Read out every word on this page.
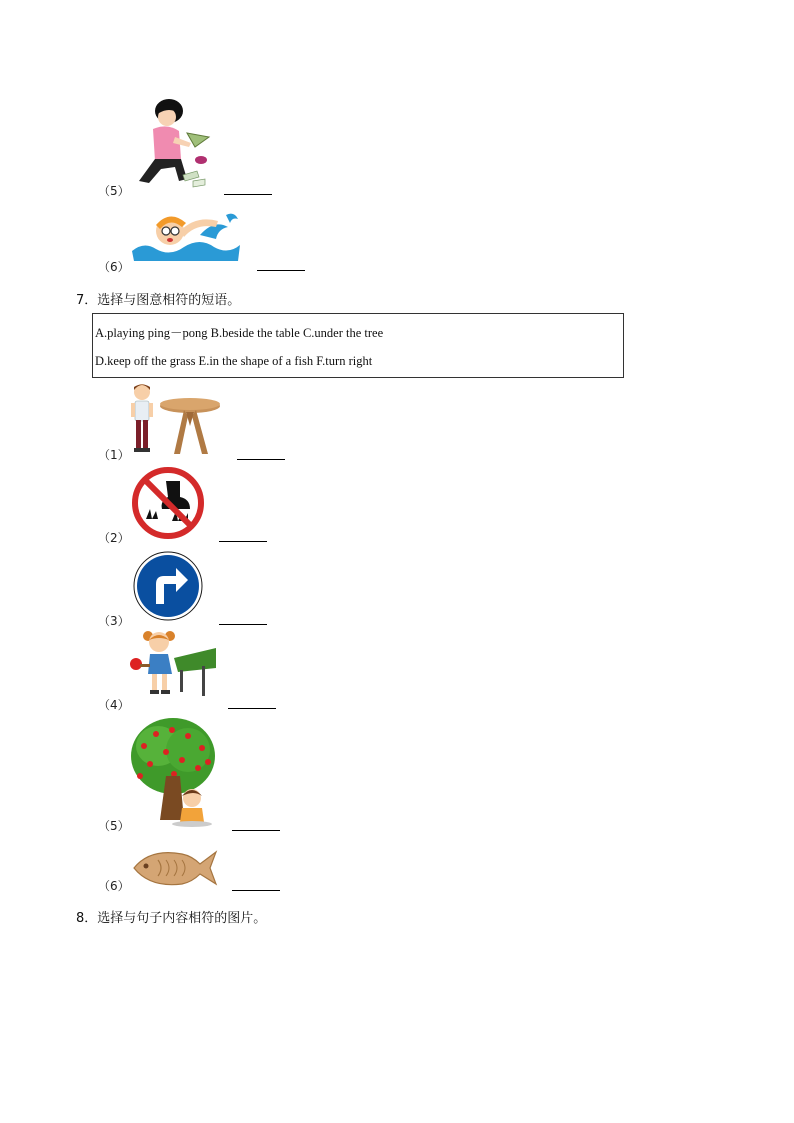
（5）
（6）
7．选择与图意相符的短语。
A.playing ping－pong B.beside the table C.under the tree
D.keep off the grass E.in the shape of a fish F.turn right
（1）
（2）
（3）
（4）
（5）
（6）
8．选择与句子内容相符的图片。
